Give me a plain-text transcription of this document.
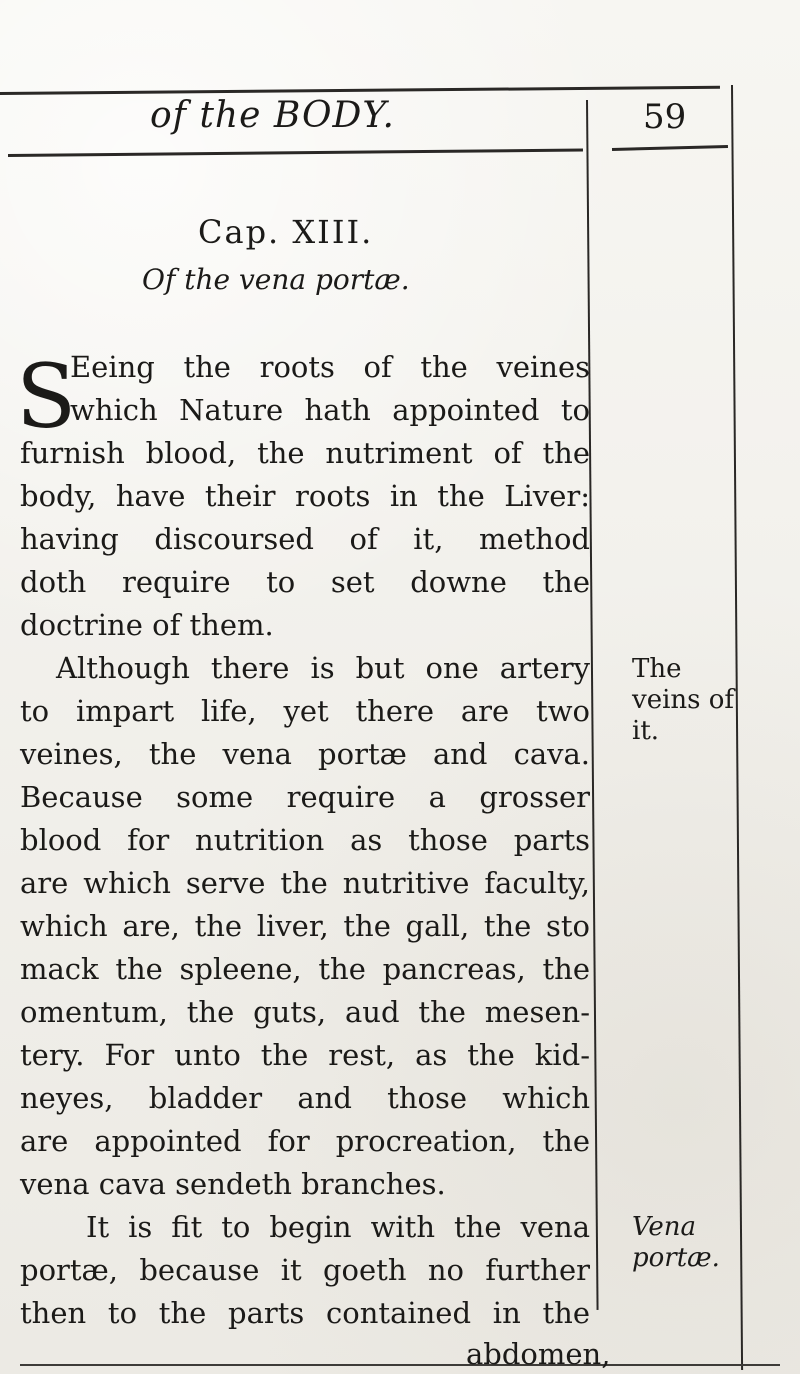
of the BODY.	59
Cap. XIII.
Of the vena portæ.
S
Eeing the roots of the veines
which Nature hath appointed to
furnish blood, the nutriment of the
body, have their roots in the Liver:
having discoursed of it, method
doth require to set downe the
doctrine of them.
Although there is but one artery
to impart life, yet there are two
veines, the vena portæ and cava.
Because some require a grosser
blood for nutrition as those parts
are which serve the nutritive faculty,
which are, the liver, the gall, the sto
mack the spleene, the pancreas, the
omentum, the guts, aud the mesen-
tery. For unto the rest, as the kid-
neyes, bladder and those which
are appointed for procreation, the
vena cava sendeth branches.
It is fit to begin with the vena
portæ, because it goeth no further
then to the parts contained in the
abdomen,
The
veins of
it.
Vena
portæ.
